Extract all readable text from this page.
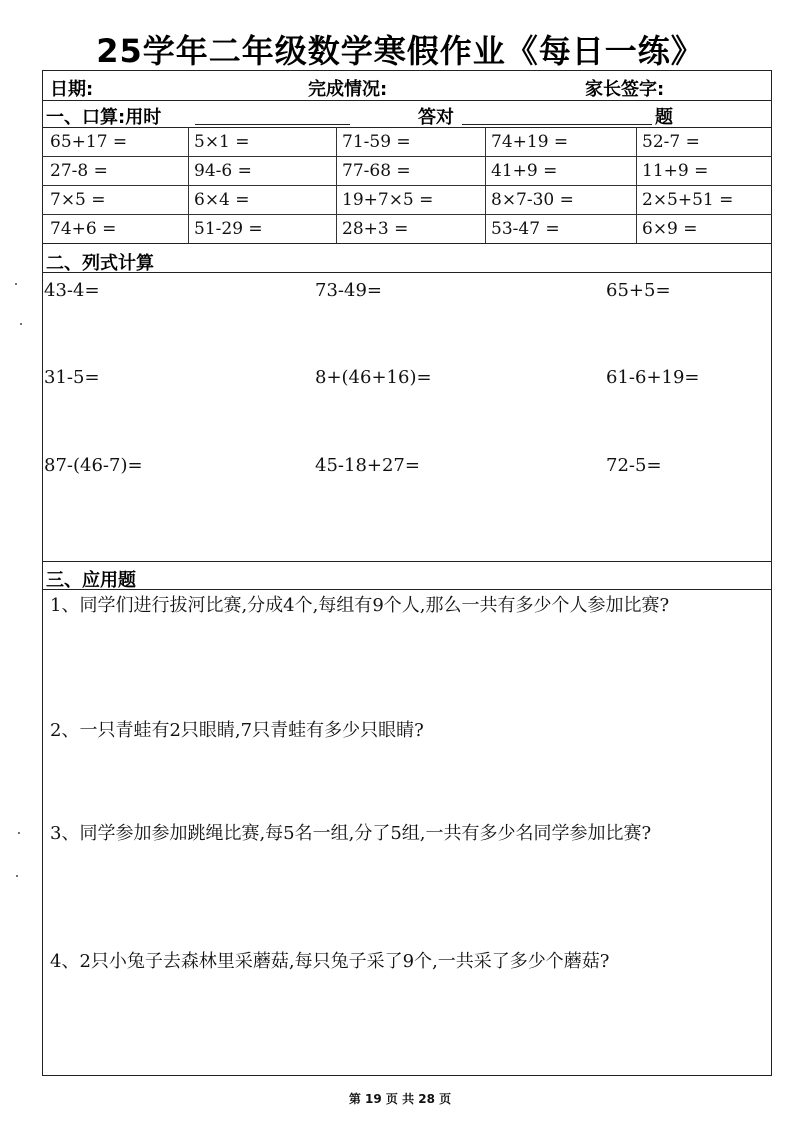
25学年二年级数学寒假作业《每日一练》
日期:	完成情况:	家长签字:
一、口算:用时	答对	题
65+17 =	5×1 =	71-59 =	74+19 =	52-7 =
27-8 =	94-6 =	77-68 =	41+9 =	11+9 =
7×5 =	6×4 =	19+7×5 =	8×7-30 =	2×5+51 =
74+6 =	51-29 =	28+3 =	53-47 =	6×9 =
二、列式计算
43-4=	73-49=	65+5=
31-5=	8+(46+16)=	61-6+19=
87-(46-7)=	45-18+27=	72-5=
三、应用题
1、同学们进行拔河比赛,分成4个,每组有9个人,那么一共有多少个人参加比赛?
2、一只青蛙有2只眼睛,7只青蛙有多少只眼睛?
3、同学参加参加跳绳比赛,每5名一组,分了5组,一共有多少名同学参加比赛?
4、2只小兔子去森林里采蘑菇,每只兔子采了9个,一共采了多少个蘑菇?
第 19 页 共 28 页
